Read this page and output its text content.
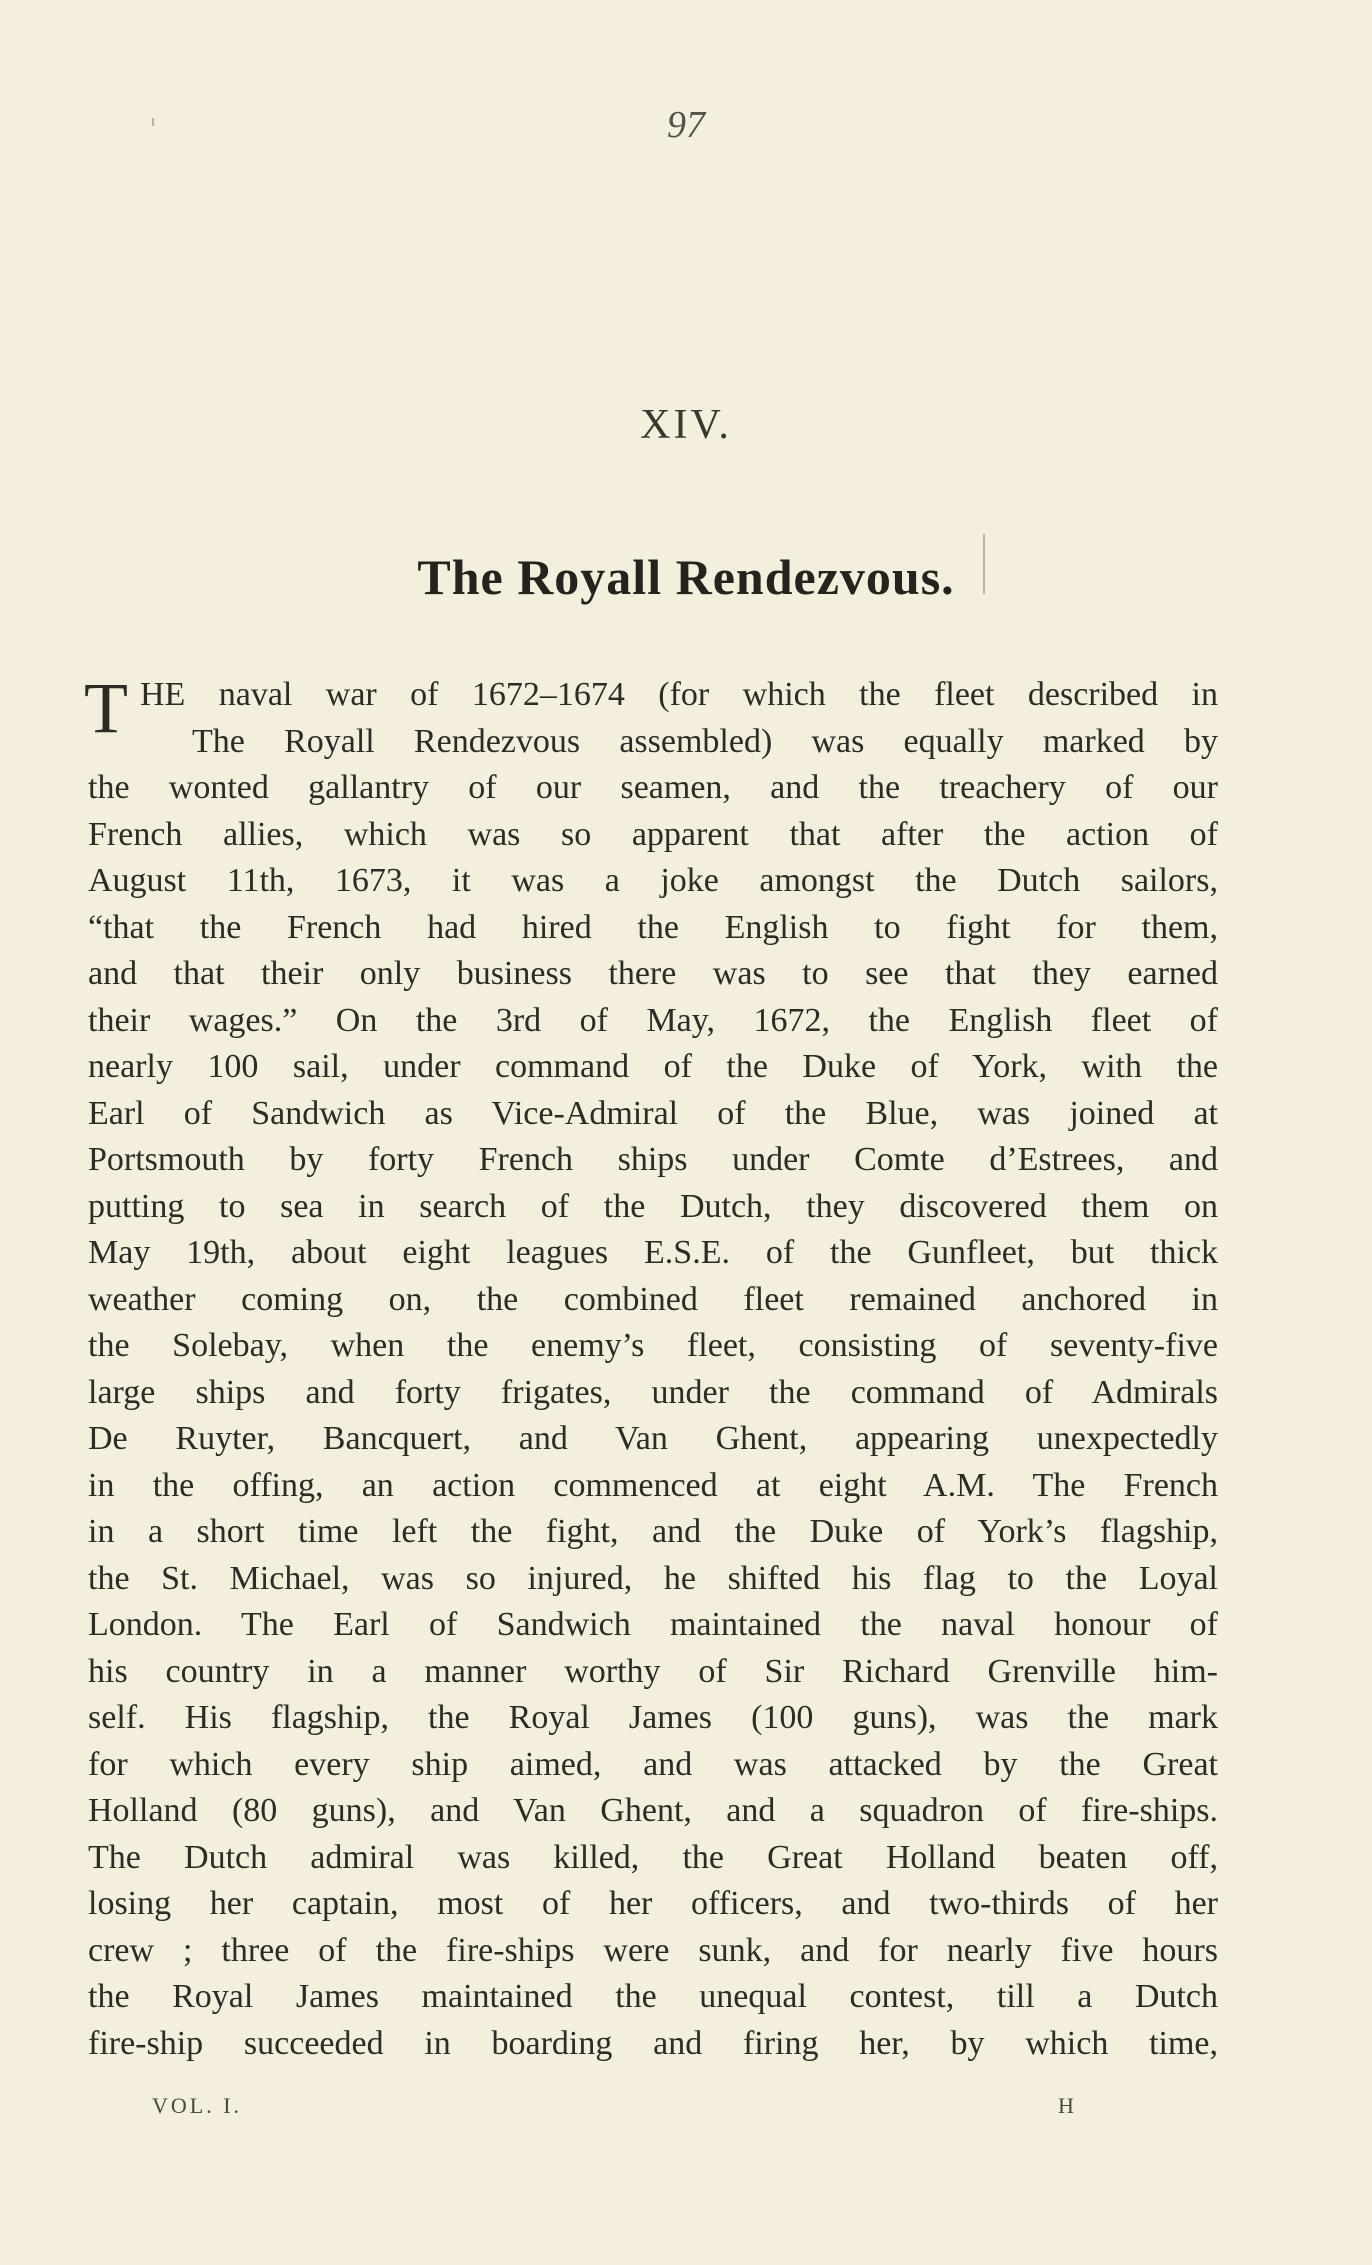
97
XIV.
The Royall Rendezvous.
T HE naval war of 1672–1674 (for which the fleet described in
The Royall Rendezvous assembled) was equally marked by
the wonted gallantry of our seamen, and the treachery of our
French allies, which was so apparent that after the action of
August 11th, 1673, it was a joke amongst the Dutch sailors,
“that the French had hired the English to fight for them,
and that their only business there was to see that they earned
their wages.” On the 3rd of May, 1672, the English fleet of
nearly 100 sail, under command of the Duke of York, with the
Earl of Sandwich as Vice-Admiral of the Blue, was joined at
Portsmouth by forty French ships under Comte d’Estrees, and
putting to sea in search of the Dutch, they discovered them on
May 19th, about eight leagues E.S.E. of the Gunfleet, but thick
weather coming on, the combined fleet remained anchored in
the Solebay, when the enemy’s fleet, consisting of seventy-five
large ships and forty frigates, under the command of Admirals
De Ruyter, Bancquert, and Van Ghent, appearing unexpectedly
in the offing, an action commenced at eight A.M. The French
in a short time left the fight, and the Duke of York’s flagship,
the St. Michael, was so injured, he shifted his flag to the Loyal
London. The Earl of Sandwich maintained the naval honour of
his country in a manner worthy of Sir Richard Grenville him-
self. His flagship, the Royal James (100 guns), was the mark
for which every ship aimed, and was attacked by the Great
Holland (80 guns), and Van Ghent, and a squadron of fire-ships.
The Dutch admiral was killed, the Great Holland beaten off,
losing her captain, most of her officers, and two-thirds of her
crew ; three of the fire-ships were sunk, and for nearly five hours
the Royal James maintained the unequal contest, till a Dutch
fire-ship succeeded in boarding and firing her, by which time,
VOL. I.	H
